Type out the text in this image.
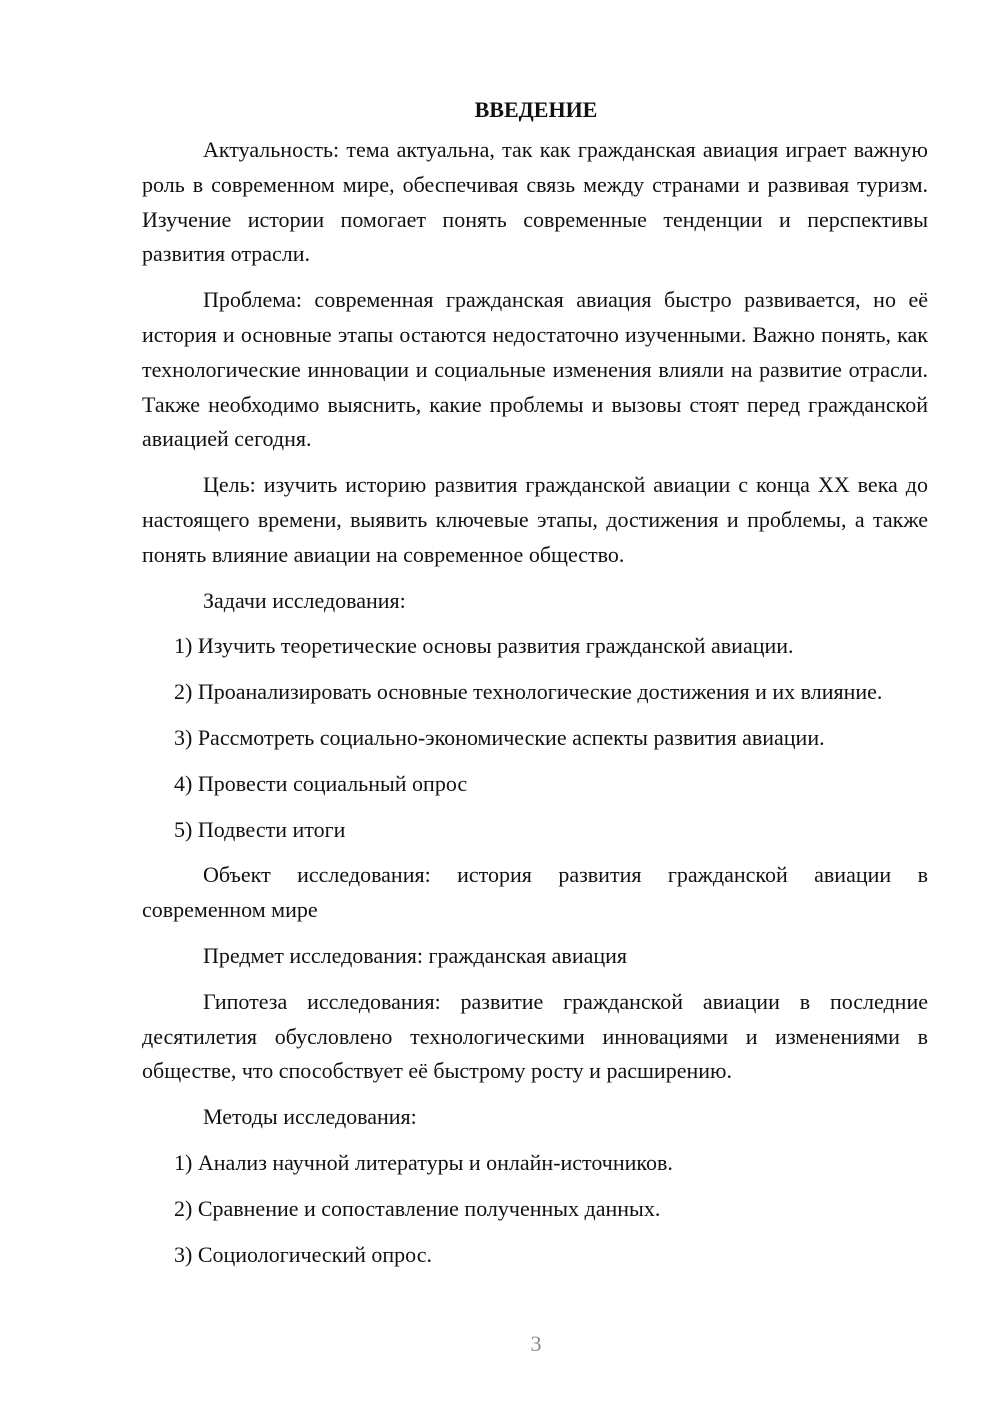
ВВЕДЕНИЕ

Актуальность: тема актуальна, так как гражданская авиация играет важную роль в современном мире, обеспечивая связь между странами и развивая туризм. Изучение истории помогает понять современные тенденции и перспективы развития отрасли.

Проблема: современная гражданская авиация быстро развивается, но её история и основные этапы остаются недостаточно изученными. Важно понять, как технологические инновации и социальные изменения влияли на развитие отрасли. Также необходимо выяснить, какие проблемы и вызовы стоят перед гражданской авиацией сегодня.

Цель: изучить историю развития гражданской авиации с конца XX века до настоящего времени, выявить ключевые этапы, достижения и проблемы, а также понять влияние авиации на современное общество.

Задачи исследования:

1) Изучить теоретические основы развития гражданской авиации.

2) Проанализировать основные технологические достижения и их влияние.

3) Рассмотреть социально-экономические аспекты развития авиации.

4) Провести социальный опрос

5) Подвести итоги

Объект исследования: история развития гражданской авиации в современном мире

Предмет исследования: гражданская авиация

Гипотеза исследования: развитие гражданской авиации в последние десятилетия обусловлено технологическими инновациями и изменениями в обществе, что способствует её быстрому росту и расширению.

Методы исследования:

1) Анализ научной литературы и онлайн-источников.

2) Сравнение и сопоставление полученных данных.

3) Социологический опрос.

3
